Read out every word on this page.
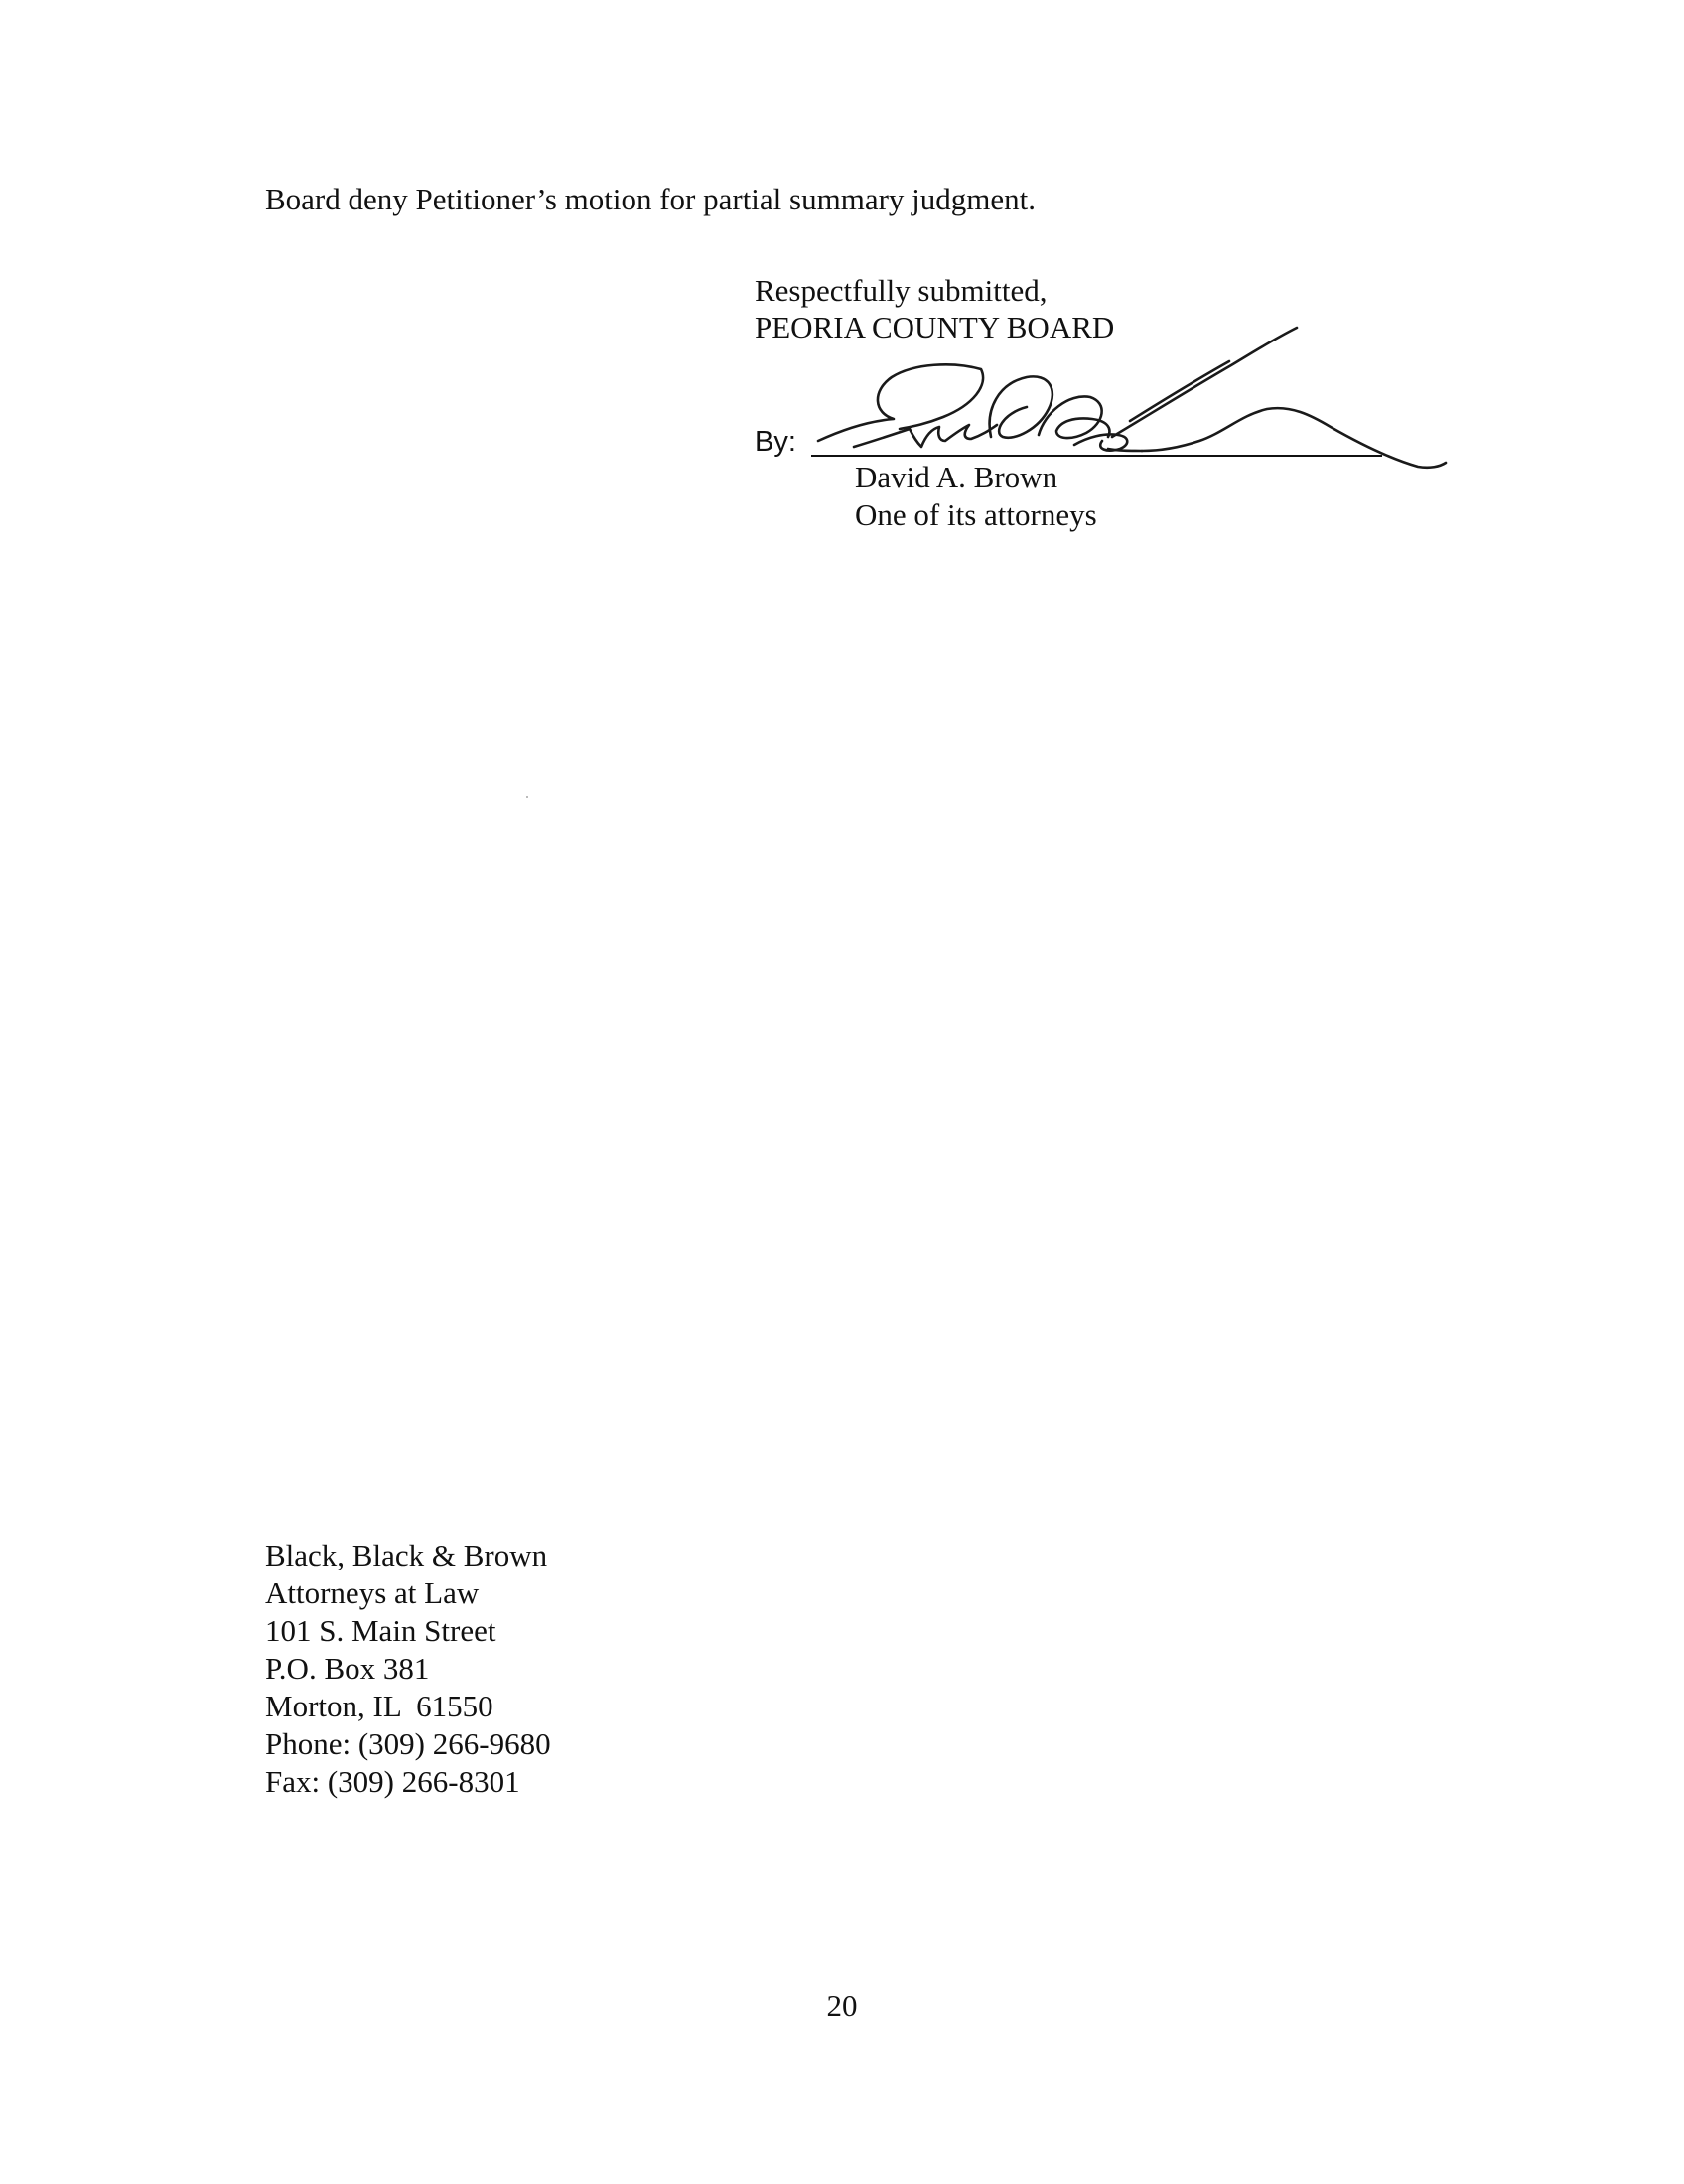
Board deny Petitioner’s motion for partial summary judgment.
Respectfully submitted,
PEORIA COUNTY BOARD
By:
David A. Brown
One of its attorneys
Black, Black & Brown
Attorneys at Law
101 S. Main Street
P.O. Box 381
Morton, IL  61550
Phone: (309) 266-9680
Fax: (309) 266-8301
20
